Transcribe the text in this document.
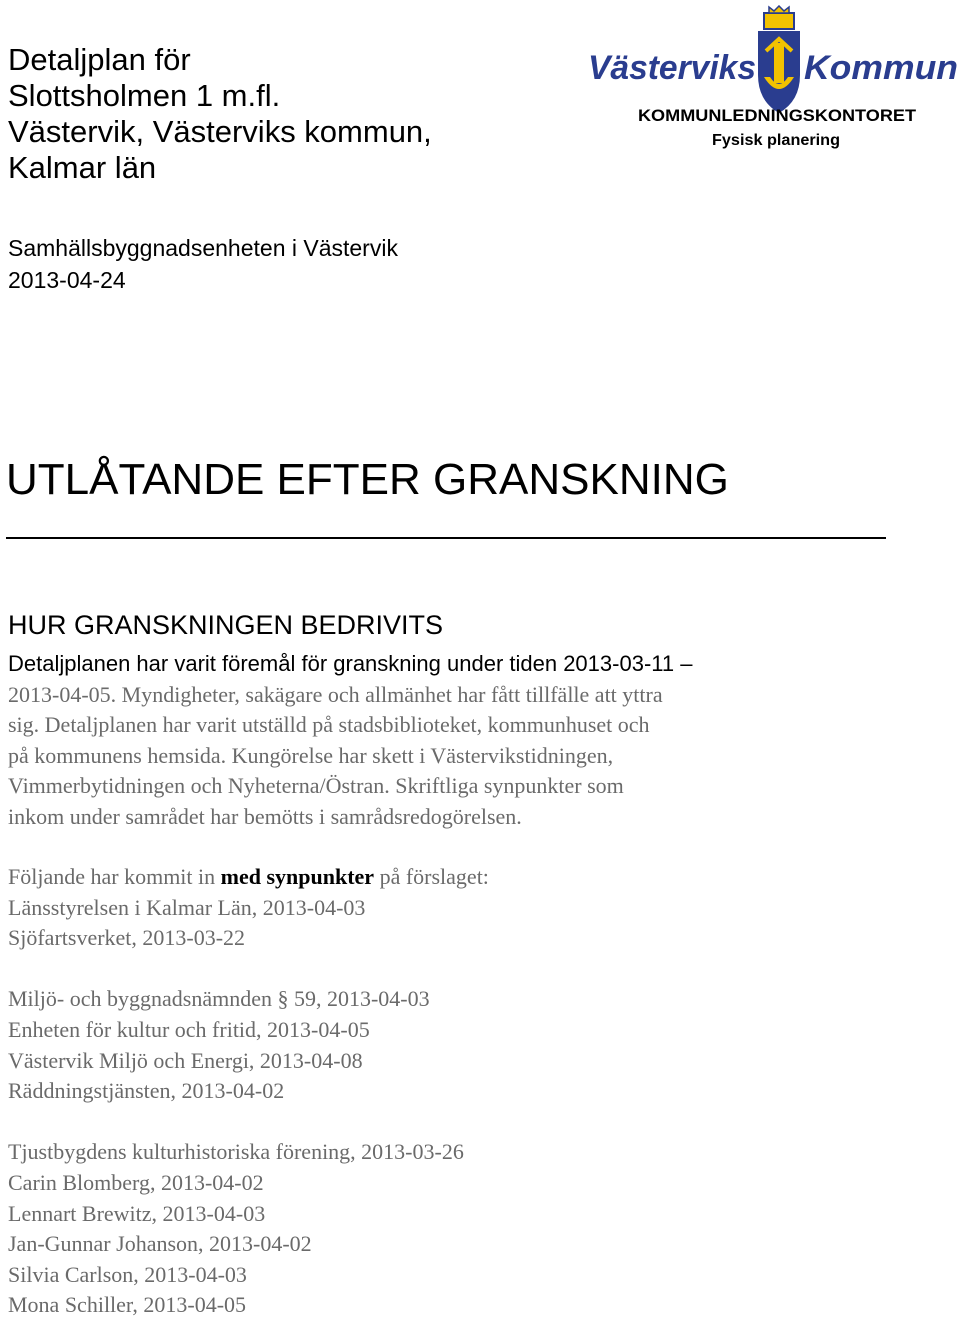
Detaljplan för
Slottsholmen 1 m.fl.
Västervik, Västerviks kommun,
Kalmar län
Samhällsbyggnadsenheten i Västervik
2013-04-24
Västerviks Kommun
KOMMUNLEDNINGSKONTORET
Fysisk planering
UTLÅTANDE EFTER GRANSKNING
HUR GRANSKNINGEN BEDRIVITS
Detaljplanen har varit föremål för granskning under tiden 2013-03-11 –
2013-04-05. Myndigheter, sakägare och allmänhet har fått tillfälle att yttra
sig. Detaljplanen har varit utställd på stadsbiblioteket, kommunhuset och
på kommunens hemsida. Kungörelse har skett i Västervikstidningen,
Vimmerbytidningen och Nyheterna/Östran. Skriftliga synpunkter som
inkom under samrådet har bemötts i samrådsredogörelsen.
Följande har kommit in med synpunkter på förslaget:
Länsstyrelsen i Kalmar Län, 2013-04-03
Sjöfartsverket, 2013-03-22
Miljö- och byggnadsnämnden § 59, 2013-04-03
Enheten för kultur och fritid, 2013-04-05
Västervik Miljö och Energi, 2013-04-08
Räddningstjänsten, 2013-04-02
Tjustbygdens kulturhistoriska förening, 2013-03-26
Carin Blomberg, 2013-04-02
Lennart Brewitz, 2013-04-03
Jan-Gunnar Johanson, 2013-04-02
Silvia Carlson, 2013-04-03
Mona Schiller, 2013-04-05
